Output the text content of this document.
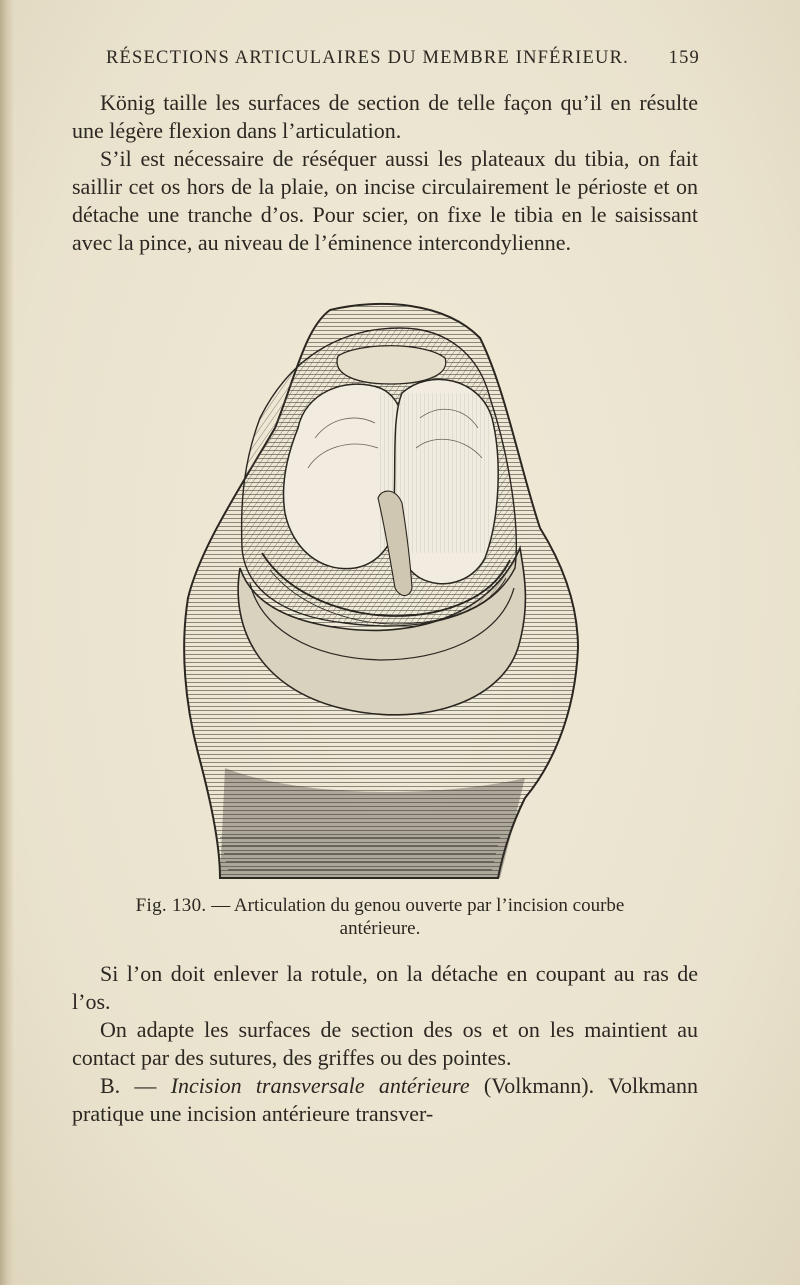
RÉSECTIONS ARTICULAIRES DU MEMBRE INFÉRIEUR. 159

König taille les surfaces de section de telle façon qu’il en résulte une légère flexion dans l’articulation.

S’il est nécessaire de réséquer aussi les plateaux du tibia, on fait saillir cet os hors de la plaie, on incise circulairement le périoste et on détache une tranche d’os. Pour scier, on fixe le tibia en le saisissant avec la pince, au niveau de l’éminence intercondylienne.

Fig. 130. — Articulation du genou ouverte par l’incision courbe antérieure.

Si l’on doit enlever la rotule, on la détache en coupant au ras de l’os.

On adapte les surfaces de section des os et on les maintient au contact par des sutures, des griffes ou des pointes.

B. — Incision transversale antérieure (Volkmann). Volkmann pratique une incision antérieure transver-
